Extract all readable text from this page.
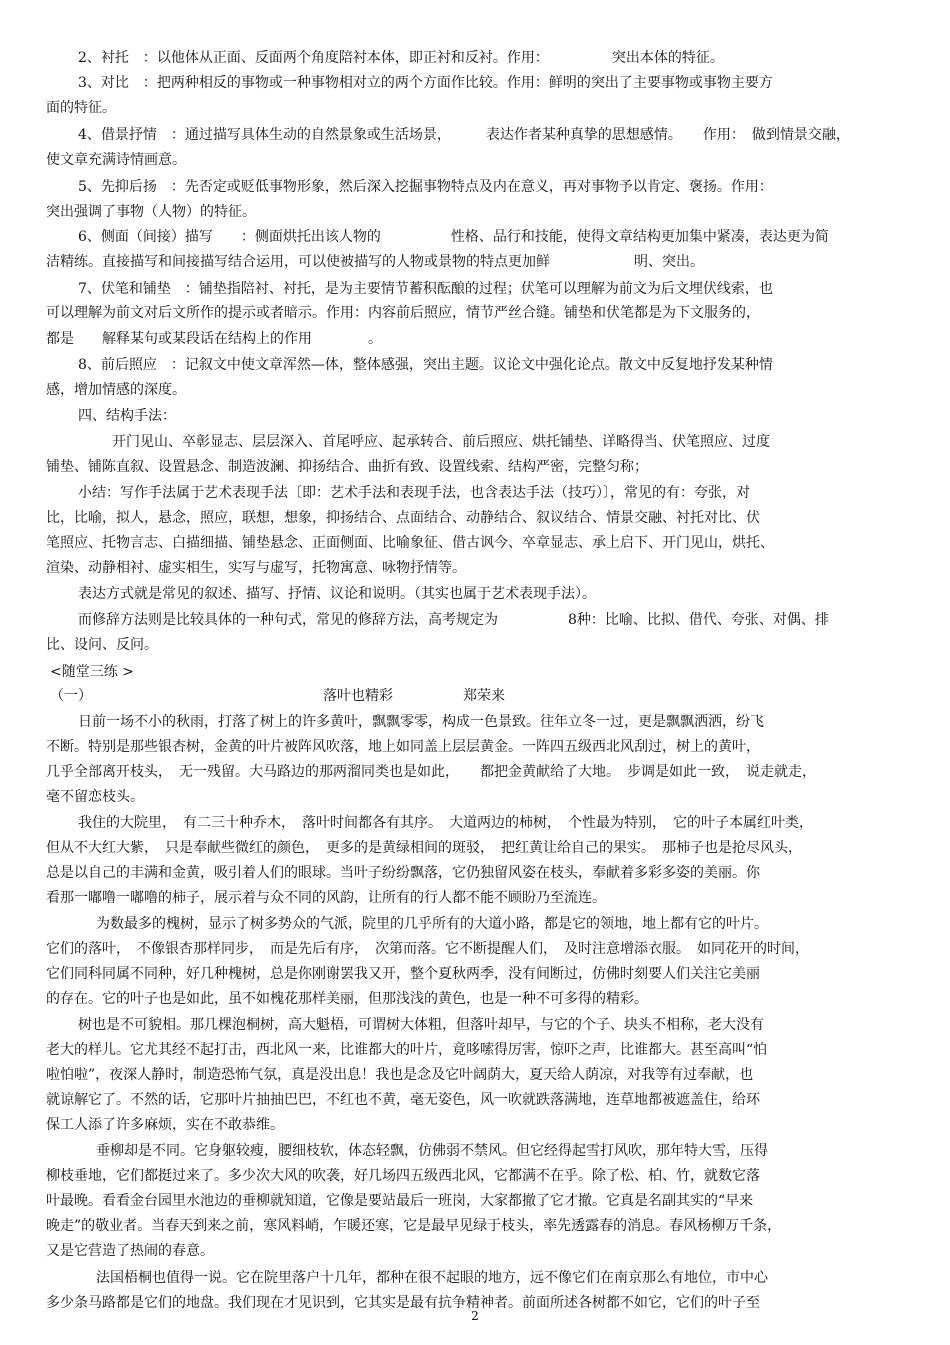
2、衬托　：以他体从正面、反面两个角度陪衬本体，即正衬和反衬。作用：　　　　　突出本体的特征。
3、对比　：把两种相反的事物或一种事物相对立的两个方面作比较。作用：鲜明的突出了主要事物或事物主要方
面的特征。
4、借景抒情　：通过描写具体生动的自然景象或生活场景，　　　表达作者某种真挚的思想感情。　　作用：　做到情景交融，
使文章充满诗情画意。
5、先抑后扬　：先否定或贬低事物形象，然后深入挖掘事物特点及内在意义，再对事物予以肯定、褒扬。作用：
突出强调了事物（人物）的特征。
6、侧面（间接）描写　　：侧面烘托出该人物的　　　　　性格、品行和技能，使得文章结构更加集中紧凑，表达更为简
洁精练。直接描写和间接描写结合运用，可以使被描写的人物或景物的特点更加鲜　　　　　　明、突出。
7、伏笔和铺垫　：铺垫指陪衬、衬托，是为主要情节蓄积酝酿的过程；伏笔可以理解为前文为后文埋伏线索，也
可以理解为前文对后文所作的提示或者暗示。作用：内容前后照应，情节严丝合缝。铺垫和伏笔都是为下文服务的，
都是　　解释某句或某段话在结构上的作用　　　　。
8、前后照应　：记叙文中使文章浑然—体，整体感强，突出主题。议论文中强化论点。散文中反复地抒发某种情
感，增加情感的深度。
四、结构手法：
开门见山、卒彰显志、层层深入、首尾呼应、起承转合、前后照应、烘托铺垫、详略得当、伏笔照应、过度
铺垫、铺陈直叙、设置悬念、制造波澜、抑扬结合、曲折有致、设置线索、结构严密，完整匀称；
小结：写作手法属于艺术表现手法〔即：艺术手法和表现手法，也含表达手法（技巧）〕，常见的有：夸张，对
比，比喻，拟人，悬念，照应，联想，想象，抑扬结合、点面结合、动静结合、叙议结合、情景交融、衬托对比、伏
笔照应、托物言志、白描细描、铺垫悬念、正面侧面、比喻象征、借古讽今、卒章显志、承上启下、开门见山，烘托、
渲染、动静相衬、虚实相生，实写与虚写，托物寓意、咏物抒情等。
表达方式就是常见的叙述、描写、抒情、议论和说明。（其实也属于艺术表现手法）。
而修辞方法则是比较具体的一种句式，常见的修辞方法，高考规定为　　　　　8种：比喻、比拟、借代、夸张、对偶、排
比、设问、反问。
<随堂三练 >
（一）　　　　　　　　　　　　　　　　　落叶也精彩　　　　　郑荣来
日前一场不小的秋雨，打落了树上的许多黄叶，飘飘零零，构成一色景致。往年立冬一过，更是飘飘洒洒，纷飞
不断。特别是那些银杏树，金黄的叶片被阵风吹落，地上如同盖上层层黄金。一阵四五级西北风刮过，树上的黄叶，
几乎全部离开枝头，　无一残留。大马路边的那两溜同类也是如此，　　都把金黄献给了大地。　步调是如此一致，　说走就走，
毫不留恋枝头。
我住的大院里，　有二三十种乔木，　落叶时间都各有其序。　大道两边的柿树，　个性最为特别，　它的叶子本属红叶类，
但从不大红大紫，　只是奉献些微红的颜色，　更多的是黄绿相间的斑驳，　把红黄让给自己的果实。　那柿子也是抢尽风头，
总是以自己的丰满和金黄，吸引着人们的眼球。当叶子纷纷飘落，它仍独留风姿在枝头，奉献着多彩多姿的美丽。你
看那一嘟噜一嘟噜的柿子，展示着与众不同的风韵，让所有的行人都不能不顾盼乃至流连。
为数最多的槐树，显示了树多势众的气派，院里的几乎所有的大道小路，都是它的领地，地上都有它的叶片。
它们的落叶，　不像银杏那样同步，　而是先后有序，　次第而落。它不断提醒人们，　及时注意增添衣服。　如同花开的时间，
它们同科同属不同种，好几种槐树，总是你刚谢罢我又开，整个夏秋两季，没有间断过，仿佛时刻要人们关注它美丽
的存在。它的叶子也是如此，虽不如槐花那样美丽，但那浅浅的黄色，也是一种不可多得的精彩。
树也是不可貌相。那几棵泡桐树，高大魁梧，可谓树大体粗，但落叶却早，与它的个子、块头不相称，老大没有
老大的样儿。它尤其经不起打击，西北风一来，比谁都大的叶片，竟哆嗦得厉害，惊吓之声，比谁都大。甚至高叫“怕
啦怕啦”，夜深人静时，制造恐怖气氛，真是没出息！我也是念及它叶阔荫大，夏天给人荫凉，对我等有过奉献，也
就谅解它了。不然的话，它那叶片抽抽巴巴，不红也不黄，毫无姿色，风一吹就跌落满地，连草地都被遮盖住，给环
保工人添了许多麻烦，实在不敢恭维。
垂柳却是不同。它身躯较瘦，腰细枝软，体态轻飘，仿佛弱不禁风。但它经得起雪打风吹，那年特大雪，压得
柳枝垂地，它们都挺过来了。多少次大风的吹袭，好几场四五级西北风，它都满不在乎。除了松、柏、竹，就数它落
叶最晚。看看金台园里水池边的垂柳就知道，它像是要站最后一班岗，大家都撤了它才撤。它真是名副其实的“早来
晚走”的敬业者。当春天到来之前，寒风料峭，乍暖还寒，它是最早见绿于枝头，率先透露春的消息。春风杨柳万千条，
又是它营造了热闹的春意。
法国梧桐也值得一说。它在院里落户十几年，都种在很不起眼的地方，远不像它们在南京那么有地位，市中心
多少条马路都是它们的地盘。我们现在才见识到，它其实是最有抗争精神者。前面所述各树都不如它，它们的叶子至
2
